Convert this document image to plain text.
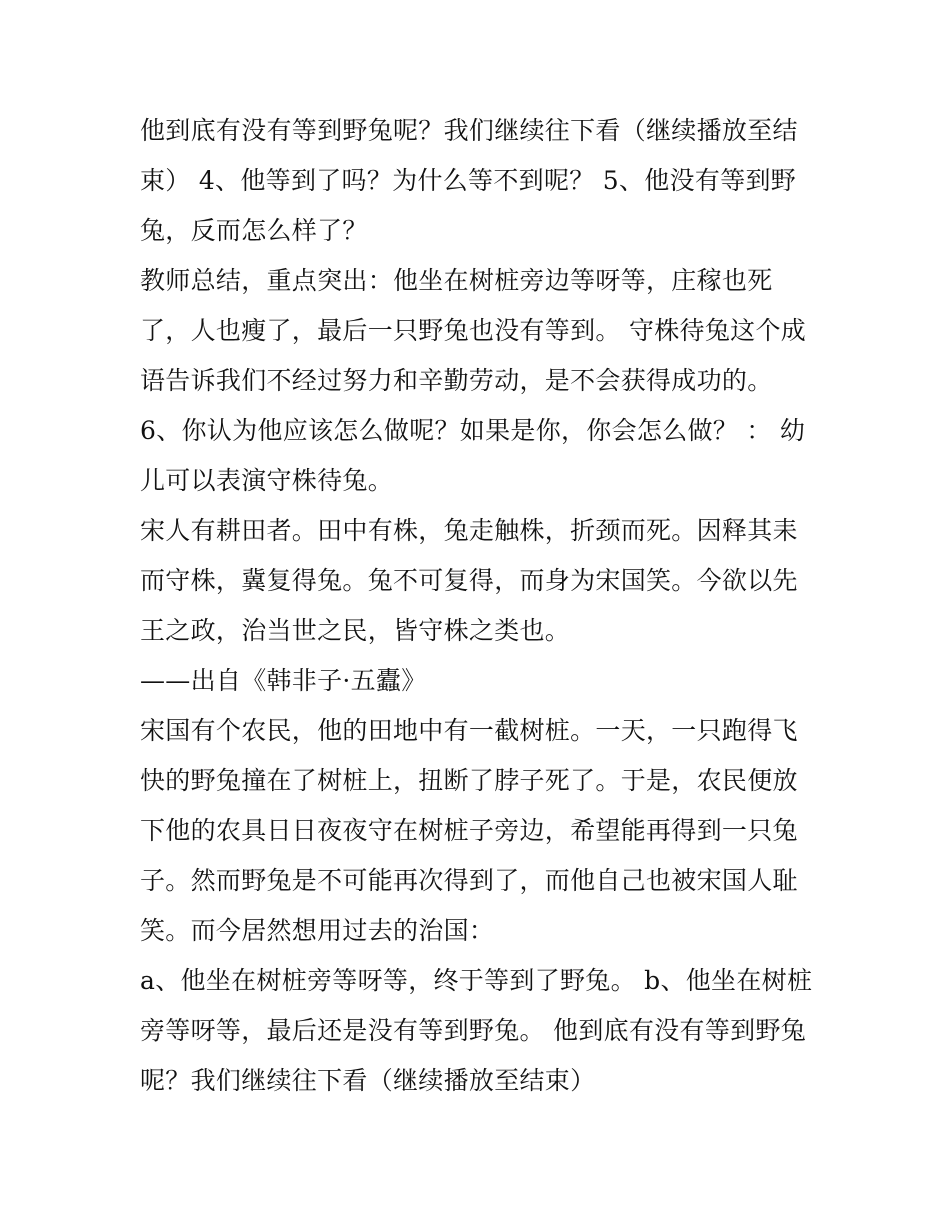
他到底有没有等到野兔呢？我们继续往下看（继续播放至结束） 4、他等到了吗？为什么等不到呢？ 5、他没有等到野兔，反而怎么样了？

教师总结，重点突出：他坐在树桩旁边等呀等，庄稼也死了，人也瘦了，最后一只野兔也没有等到。 守株待兔这个成语告诉我们不经过努力和辛勤劳动，是不会获得成功的。

6、你认为他应该怎么做呢？如果是你，你会怎么做？ ： 幼儿可以表演守株待兔。

宋人有耕田者。田中有株，兔走触株，折颈而死。因释其耒而守株，冀复得兔。兔不可复得，而身为宋国笑。今欲以先王之政，治当世之民，皆守株之类也。

——出自《韩非子·五蠹》

宋国有个农民，他的田地中有一截树桩。一天，一只跑得飞快的野兔撞在了树桩上，扭断了脖子死了。于是，农民便放下他的农具日日夜夜守在树桩子旁边，希望能再得到一只兔子。然而野兔是不可能再次得到了，而他自己也被宋国人耻笑。而今居然想用过去的治国：

a、他坐在树桩旁等呀等，终于等到了野兔。 b、他坐在树桩旁等呀等，最后还是没有等到野兔。 他到底有没有等到野兔呢？我们继续往下看（继续播放至结束）
